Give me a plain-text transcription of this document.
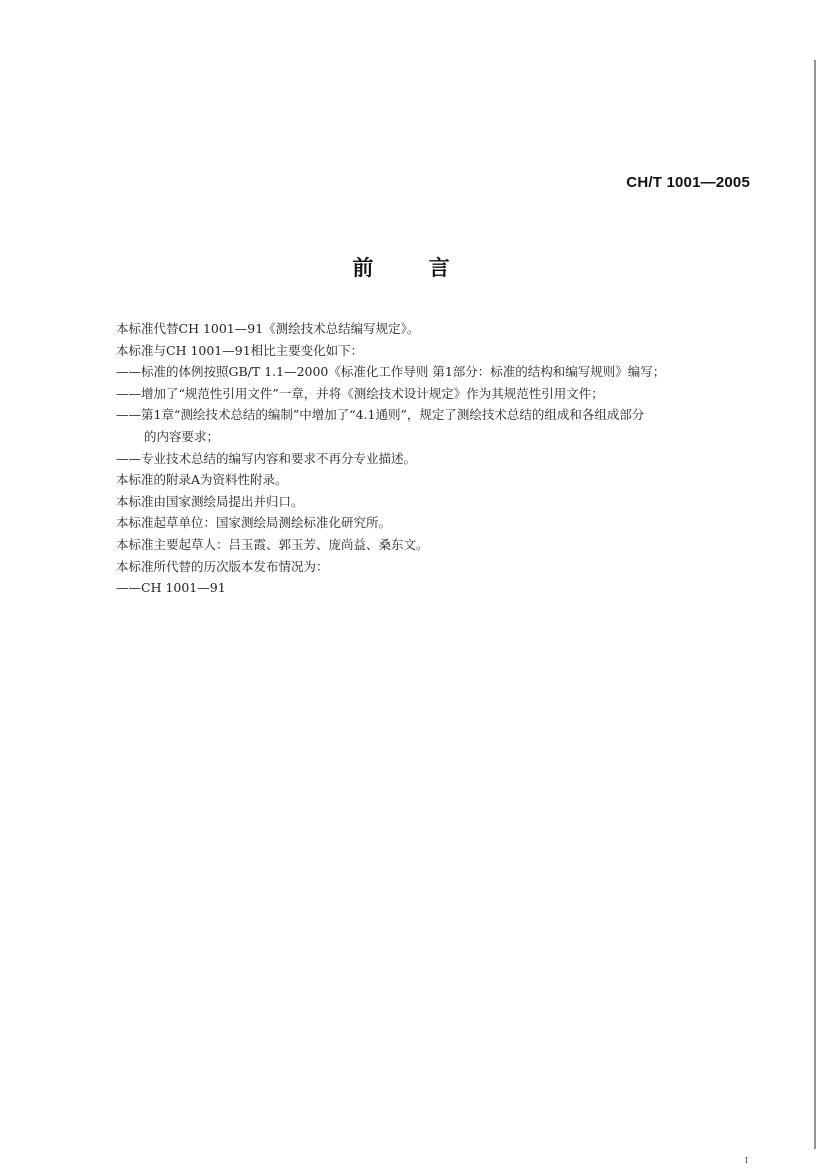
CH/T 1001—2005
前 言
本标准代替CH 1001—91《测绘技术总结编写规定》。
本标准与CH 1001—91相比主要变化如下：
——标准的体例按照GB/T 1.1—2000《标准化工作导则 第1部分：标准的结构和编写规则》编写；
——增加了“规范性引用文件”一章，并将《测绘技术设计规定》作为其规范性引用文件；
——第1章“测绘技术总结的编制”中增加了“4.1通则”，规定了测绘技术总结的组成和各组成部分
的内容要求；
——专业技术总结的编写内容和要求不再分专业描述。
本标准的附录A为资料性附录。
本标准由国家测绘局提出并归口。
本标准起草单位：国家测绘局测绘标准化研究所。
本标准主要起草人：吕玉霞、郭玉芳、庞尚益、桑东文。
本标准所代替的历次版本发布情况为：
——CH 1001—91
I
